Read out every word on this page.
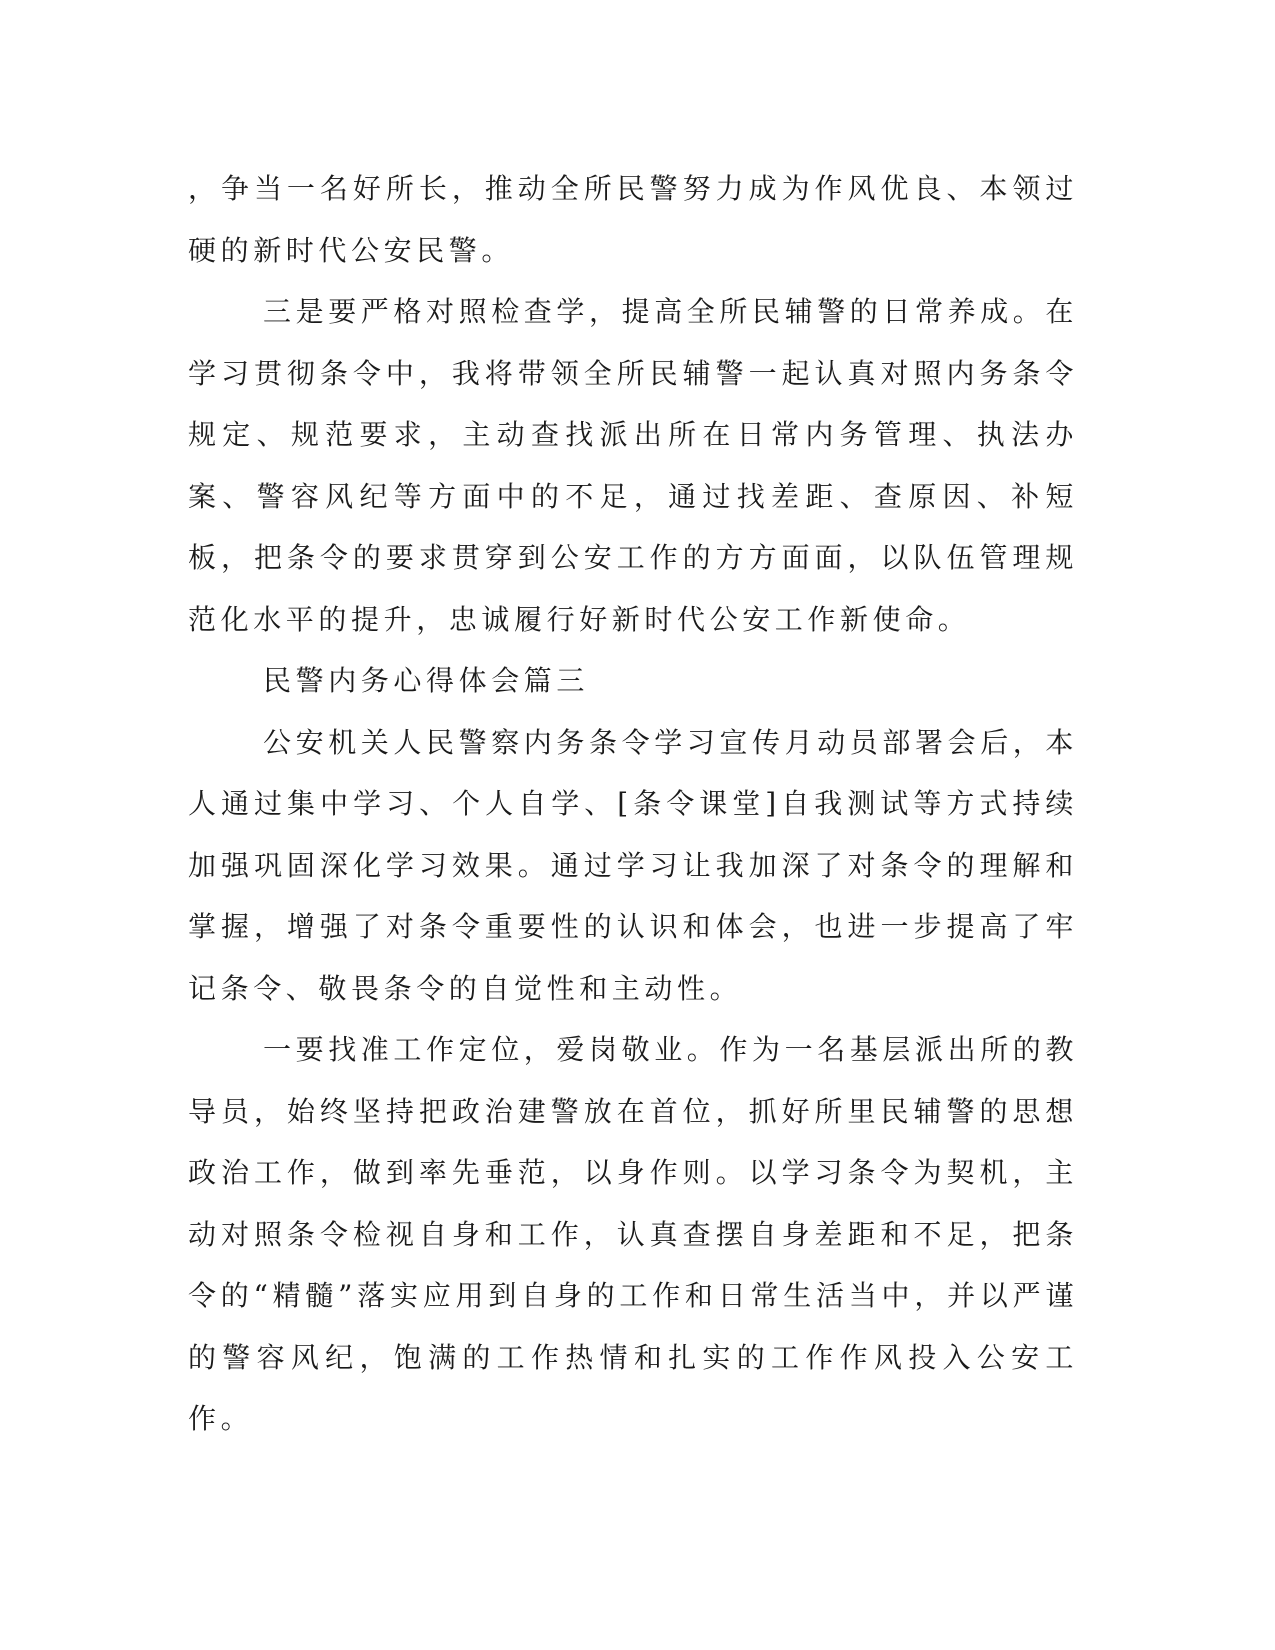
，争当一名好所长，推动全所民警努力成为作风优良、本领过硬的新时代公安民警。

三是要严格对照检查学，提高全所民辅警的日常养成。在学习贯彻条令中，我将带领全所民辅警一起认真对照内务条令规定、规范要求，主动查找派出所在日常内务管理、执法办案、警容风纪等方面中的不足，通过找差距、查原因、补短板，把条令的要求贯穿到公安工作的方方面面，以队伍管理规范化水平的提升，忠诚履行好新时代公安工作新使命。

民警内务心得体会篇三

公安机关人民警察内务条令学习宣传月动员部署会后，本人通过集中学习、个人自学、[条令课堂]自我测试等方式持续加强巩固深化学习效果。通过学习让我加深了对条令的理解和掌握，增强了对条令重要性的认识和体会，也进一步提高了牢记条令、敬畏条令的自觉性和主动性。

一要找准工作定位，爱岗敬业。作为一名基层派出所的教导员，始终坚持把政治建警放在首位，抓好所里民辅警的思想政治工作，做到率先垂范，以身作则。以学习条令为契机，主动对照条令检视自身和工作，认真查摆自身差距和不足，把条令的“精髓”落实应用到自身的工作和日常生活当中，并以严谨的警容风纪，饱满的工作热情和扎实的工作作风投入公安工作。
